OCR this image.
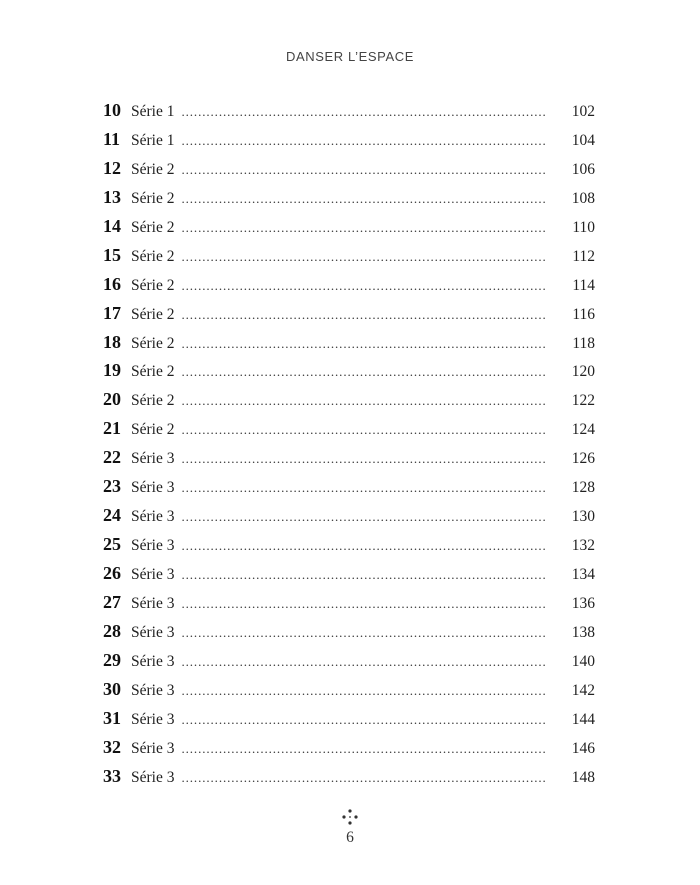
DANSER L’ESPACE
10 Série 1 .....	102
11 Série 1 .....	104
12 Série 2 .....	106
13 Série 2 .....	108
14 Série 2 .....	110
15 Série 2 .....	112
16 Série 2 .....	114
17 Série 2 .....	116
18 Série 2 .....	118
19 Série 2 .....	120
20 Série 2 .....	122
21 Série 2 .....	124
22 Série 3 .....	126
23 Série 3 .....	128
24 Série 3 .....	130
25 Série 3 .....	132
26 Série 3 .....	134
27 Série 3 .....	136
28 Série 3 .....	138
29 Série 3 .....	140
30 Série 3 .....	142
31 Série 3 .....	144
32 Série 3 .....	146
33 Série 3 .....	148
6
